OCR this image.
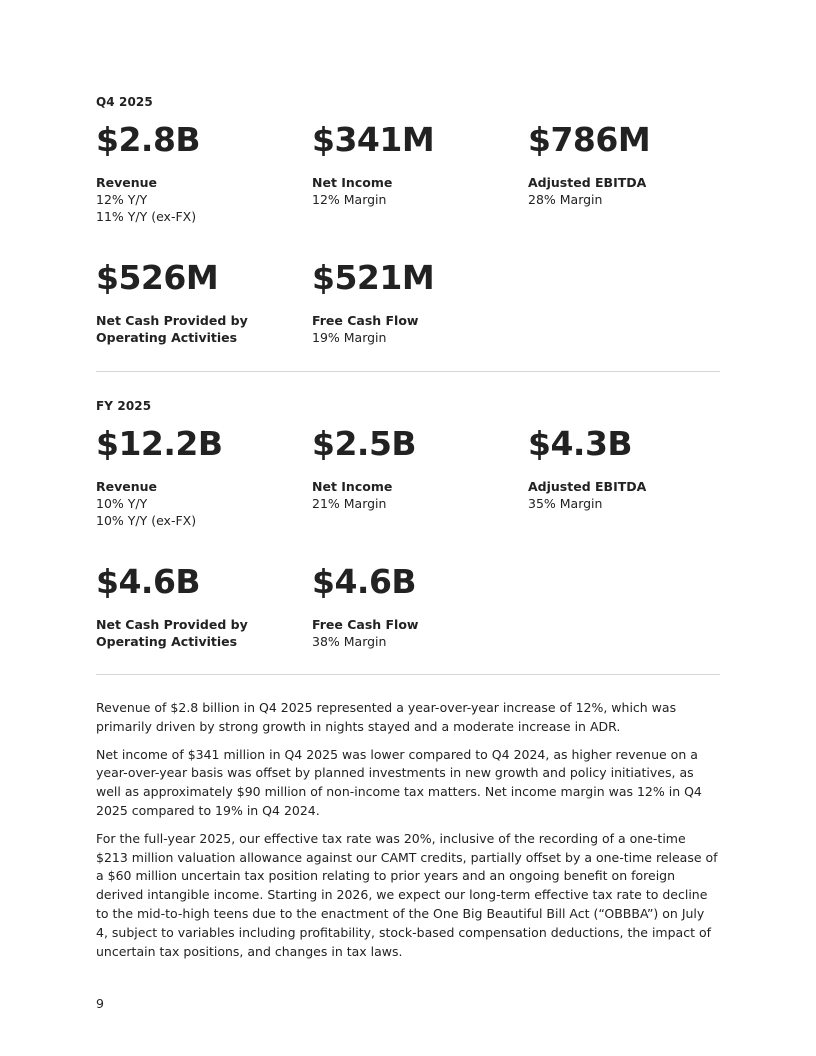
Q4 2025

$2.8B

Revenue

12% Y/Y

11% Y/Y (ex-FX)

$341M

Net Income

12% Margin

$786M

Adjusted EBITDA

28% Margin

$526M

Net Cash Provided by

Operating Activities

$521M

Free Cash Flow

19% Margin

FY 2025

$12.2B

Revenue

10% Y/Y

10% Y/Y (ex-FX)

$2.5B

Net Income

21% Margin

$4.3B

Adjusted EBITDA

35% Margin

$4.6B

Net Cash Provided by

Operating Activities

$4.6B

Free Cash Flow

38% Margin

Revenue of $2.8 billion in Q4 2025 represented a year-over-year increase of 12%, which was primarily driven by strong growth in nights stayed and a moderate increase in ADR.

Net income of $341 million in Q4 2025 was lower compared to Q4 2024, as higher revenue on a year-over-year basis was offset by planned investments in new growth and policy initiatives, as well as approximately $90 million of non-income tax matters. Net income margin was 12% in Q4 2025 compared to 19% in Q4 2024.

For the full-year 2025, our effective tax rate was 20%, inclusive of the recording of a one-time $213 million valuation allowance against our CAMT credits, partially offset by a one-time release of a $60 million uncertain tax position relating to prior years and an ongoing benefit on foreign derived intangible income. Starting in 2026, we expect our long-term effective tax rate to decline to the mid-to-high teens due to the enactment of the One Big Beautiful Bill Act (“OBBBA”) on July 4, subject to variables including profitability, stock-based compensation deductions, the impact of uncertain tax positions, and changes in tax laws.

9
